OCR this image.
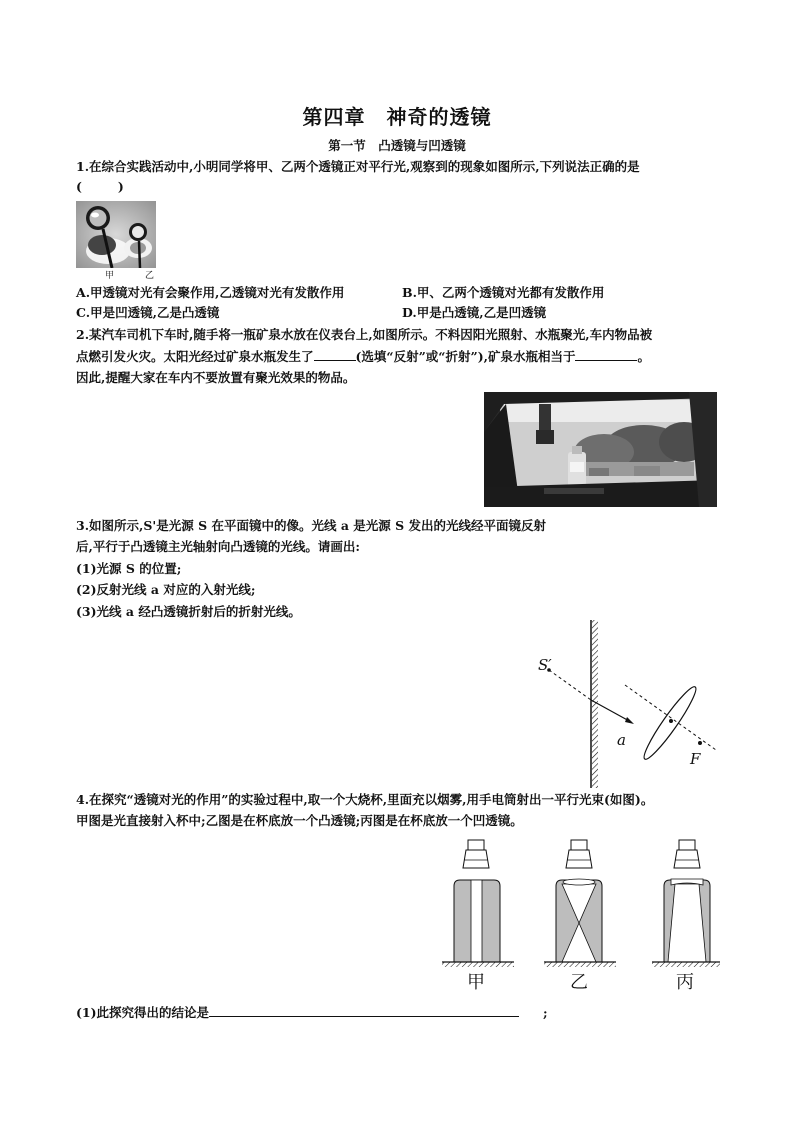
第四章　神奇的透镜
第一节　凸透镜与凹透镜
1.在综合实践活动中,小明同学将甲、乙两个透镜正对平行光,观察到的现象如图所示,下列说法正确的是
(	)
甲	乙
A.甲透镜对光有会聚作用,乙透镜对光有发散作用	B.甲、乙两个透镜对光都有发散作用
C.甲是凹透镜,乙是凸透镜	D.甲是凸透镜,乙是凹透镜
2.某汽车司机下车时,随手将一瓶矿泉水放在仪表台上,如图所示。不料因阳光照射、水瓶聚光,车内物品被
点燃引发火灾。太阳光经过矿泉水瓶发生了	(选填“反射”或“折射”),矿泉水瓶相当于	。
因此,提醒大家在车内不要放置有聚光效果的物品。
3.如图所示,S'是光源 S 在平面镜中的像。光线 a 是光源 S 发出的光线经平面镜反射
后,平行于凸透镜主光轴射向凸透镜的光线。请画出:
(1)光源 S 的位置;
(2)反射光线 a 对应的入射光线;
(3)光线 a 经凸透镜折射后的折射光线。
S′
a
F
4.在探究“透镜对光的作用”的实验过程中,取一个大烧杯,里面充以烟雾,用手电筒射出一平行光束(如图)。
甲图是光直接射入杯中;乙图是在杯底放一个凸透镜;丙图是在杯底放一个凹透镜。
甲	乙	丙
(1)此探究得出的结论是	;
